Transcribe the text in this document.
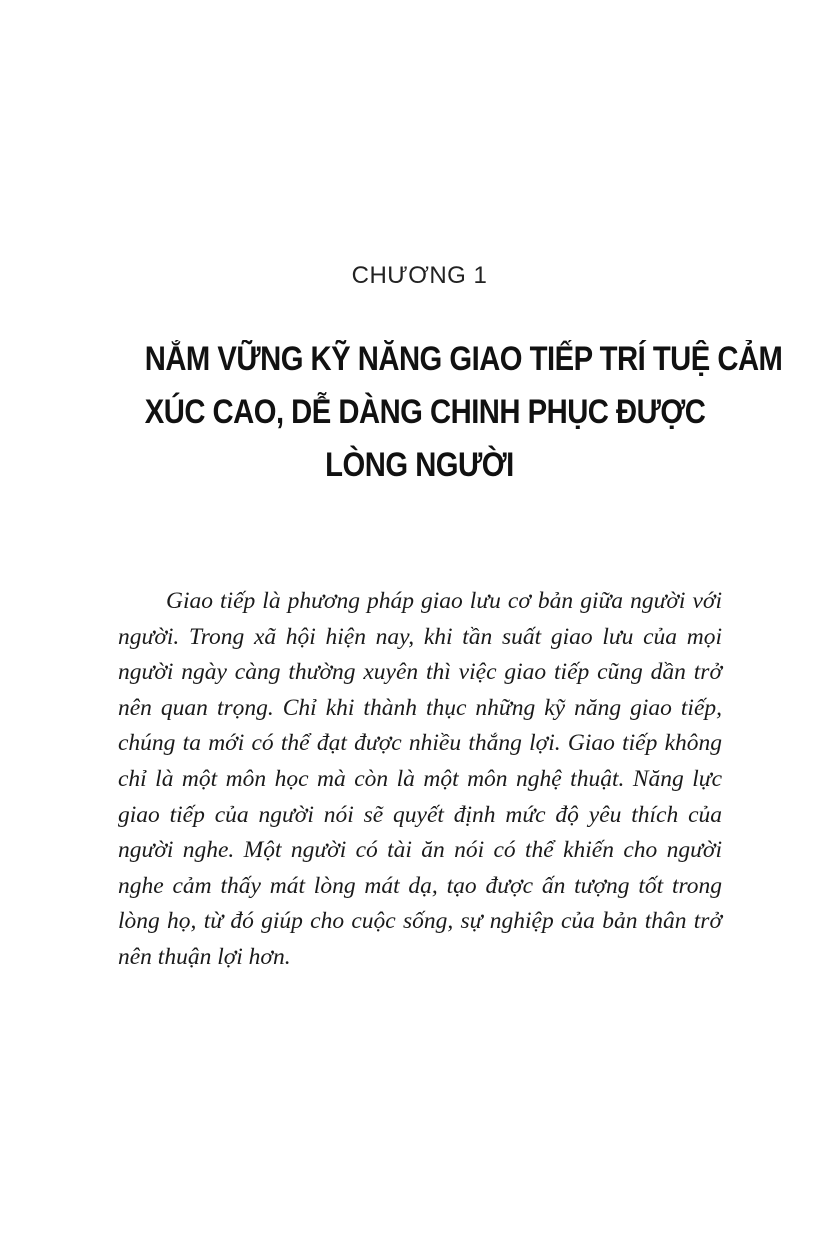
CHƯƠNG 1
NẮM VỮNG KỸ NĂNG GIAO TIẾP TRÍ TUỆ CẢM
XÚC CAO, DỄ DÀNG CHINH PHỤC ĐƯỢC
LÒNG NGƯỜI
Giao tiếp là phương pháp giao lưu cơ bản giữa người với
người. Trong xã hội hiện nay, khi tần suất giao lưu của mọi
người ngày càng thường xuyên thì việc giao tiếp cũng dần trở
nên quan trọng. Chỉ khi thành thục những kỹ năng giao tiếp,
chúng ta mới có thể đạt được nhiều thắng lợi. Giao tiếp không
chỉ là một môn học mà còn là một môn nghệ thuật. Năng lực
giao tiếp của người nói sẽ quyết định mức độ yêu thích của
người nghe. Một người có tài ăn nói có thể khiến cho người
nghe cảm thấy mát lòng mát dạ, tạo được ấn tượng tốt trong
lòng họ, từ đó giúp cho cuộc sống, sự nghiệp của bản thân trở
nên thuận lợi hơn.
